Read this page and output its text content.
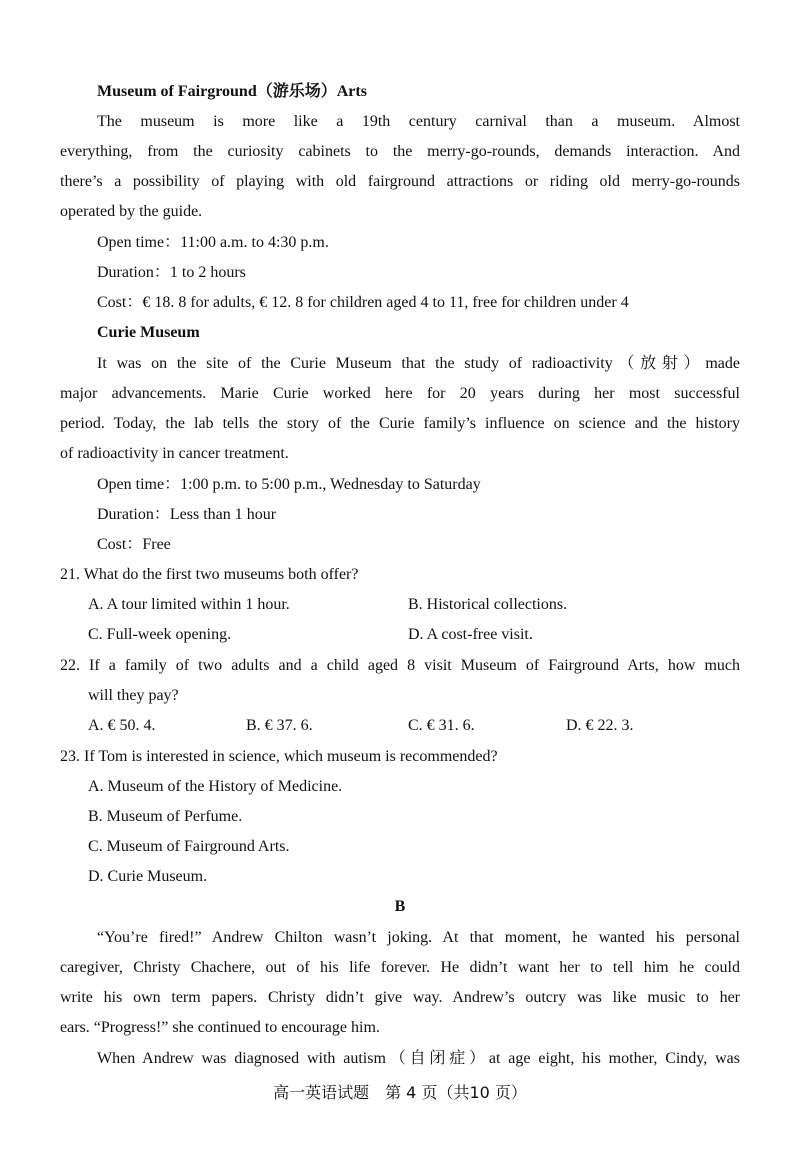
Museum of Fairground（游乐场）Arts
The museum is more like a 19th century carnival than a museum. Almost
everything, from the curiosity cabinets to the merry-go-rounds, demands interaction. And
there’s a possibility of playing with old fairground attractions or riding old merry-go-rounds
operated by the guide.
Open time：11:00 a.m. to 4:30 p.m.
Duration：1 to 2 hours
Cost：€ 18. 8 for adults, € 12. 8 for children aged 4 to 11, free for children under 4
Curie Museum
It was on the site of the Curie Museum that the study of radioactivity（放射）made
major advancements. Marie Curie worked here for 20 years during her most successful
period. Today, the lab tells the story of the Curie family’s influence on science and the history
of radioactivity in cancer treatment.
Open time：1:00 p.m. to 5:00 p.m., Wednesday to Saturday
Duration：Less than 1 hour
Cost：Free
21. What do the first two museums both offer?
A. A tour limited within 1 hour.	B. Historical collections.
C. Full-week opening.	D. A cost-free visit.
22. If a family of two adults and a child aged 8 visit Museum of Fairground Arts, how much
will they pay?
A. € 50. 4.	B. € 37. 6.	C. € 31. 6.	D. € 22. 3.
23. If Tom is interested in science, which museum is recommended?
A. Museum of the History of Medicine.
B. Museum of Perfume.
C. Museum of Fairground Arts.
D. Curie Museum.
B
“You’re fired!” Andrew Chilton wasn’t joking. At that moment, he wanted his personal
caregiver, Christy Chachere, out of his life forever. He didn’t want her to tell him he could
write his own term papers. Christy didn’t give way. Andrew’s outcry was like music to her
ears. “Progress!” she continued to encourage him.
When Andrew was diagnosed with autism（自闭症）at age eight, his mother, Cindy, was
高一英语试题　第 4 页（共10 页）
